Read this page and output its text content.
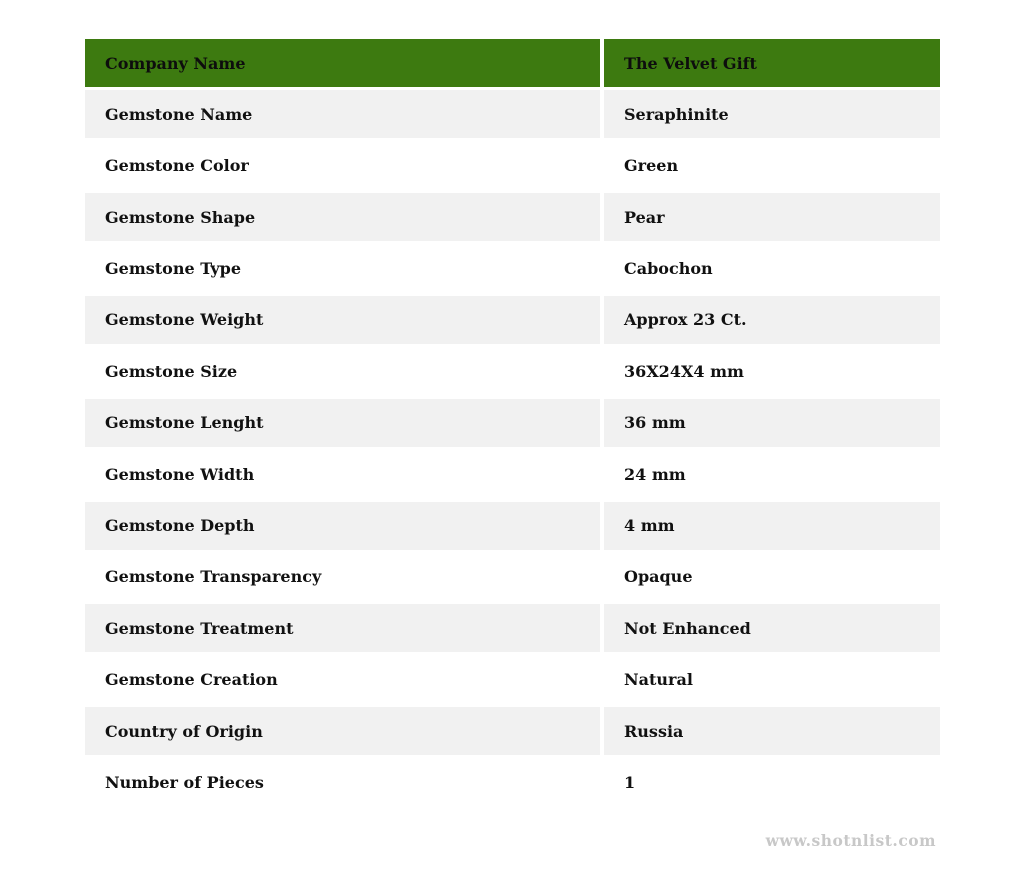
Company Name	The Velvet Gift
Gemstone Name	Seraphinite
Gemstone Color	Green
Gemstone Shape	Pear
Gemstone Type	Cabochon
Gemstone Weight	Approx 23 Ct.
Gemstone Size	36X24X4 mm
Gemstone Lenght	36 mm
Gemstone Width	24 mm
Gemstone Depth	4 mm
Gemstone Transparency	Opaque
Gemstone Treatment	Not Enhanced
Gemstone Creation	Natural
Country of Origin	Russia
Number of Pieces	1
www.shotnlist.com
